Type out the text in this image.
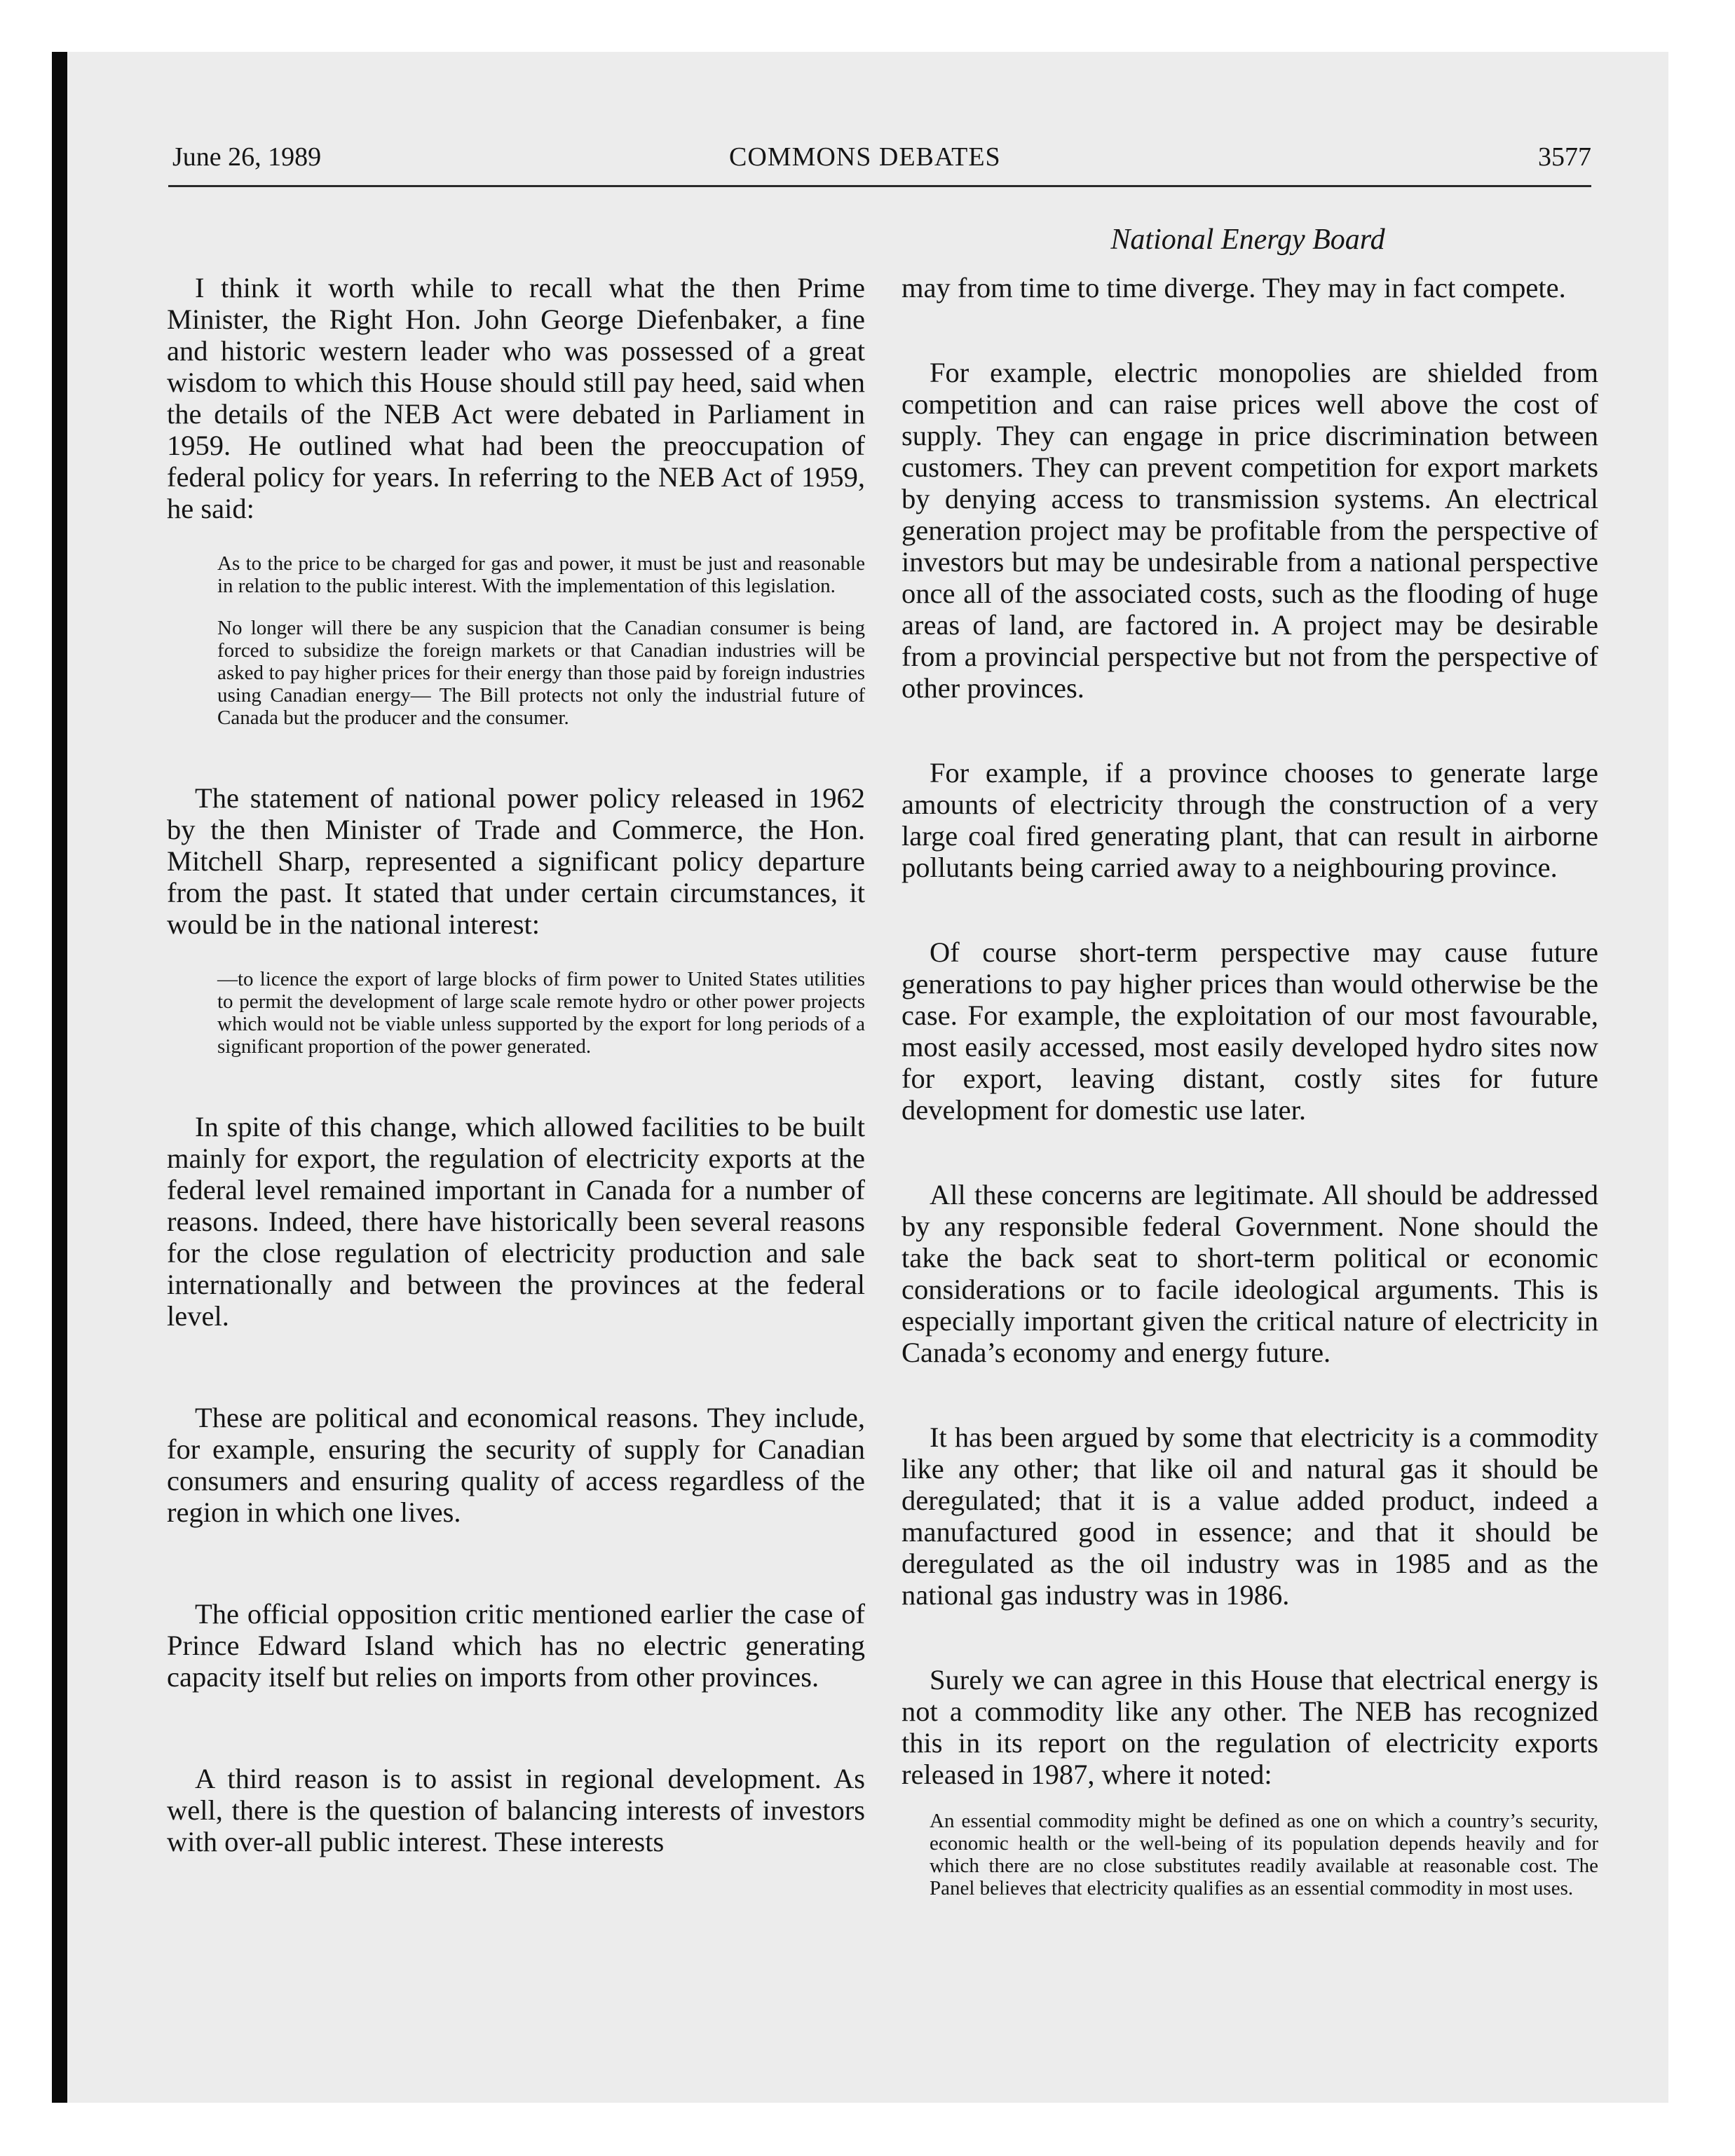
June 26, 1989	COMMONS DEBATES	3577
National Energy Board

I think it worth while to recall what the then Prime Minister, the Right Hon. John George Diefenbaker, a fine and historic western leader who was possessed of a great wisdom to which this House should still pay heed, said when the details of the NEB Act were debated in Parliament in 1959. He outlined what had been the preoccupation of federal policy for years. In referring to the NEB Act of 1959, he said:

As to the price to be charged for gas and power, it must be just and reasonable in relation to the public interest. With the implementation of this legislation.

No longer will there be any suspicion that the Canadian consumer is being forced to subsidize the foreign markets or that Canadian industries will be asked to pay higher prices for their energy than those paid by foreign industries using Canadian energy— The Bill protects not only the industrial future of Canada but the producer and the consumer.

The statement of national power policy released in 1962 by the then Minister of Trade and Commerce, the Hon. Mitchell Sharp, represented a significant policy departure from the past. It stated that under certain circumstances, it would be in the national interest:

—to licence the export of large blocks of firm power to United States utilities to permit the development of large scale remote hydro or other power projects which would not be viable unless supported by the export for long periods of a significant proportion of the power generated.

In spite of this change, which allowed facilities to be built mainly for export, the regulation of electricity exports at the federal level remained important in Canada for a number of reasons. Indeed, there have historically been several reasons for the close regulation of electricity production and sale internationally and between the provinces at the federal level.

These are political and economical reasons. They include, for example, ensuring the security of supply for Canadian consumers and ensuring quality of access regardless of the region in which one lives.

The official opposition critic mentioned earlier the case of Prince Edward Island which has no electric generating capacity itself but relies on imports from other provinces.

A third reason is to assist in regional development. As well, there is the question of balancing interests of investors with over-all public interest. These interests

may from time to time diverge. They may in fact compete.

For example, electric monopolies are shielded from competition and can raise prices well above the cost of supply. They can engage in price discrimination between customers. They can prevent competition for export markets by denying access to transmission systems. An electrical generation project may be profitable from the perspective of investors but may be undesirable from a national perspective once all of the associated costs, such as the flooding of huge areas of land, are factored in. A project may be desirable from a provincial perspective but not from the perspective of other provinces.

For example, if a province chooses to generate large amounts of electricity through the construction of a very large coal fired generating plant, that can result in airborne pollutants being carried away to a neighbouring province.

Of course short-term perspective may cause future generations to pay higher prices than would otherwise be the case. For example, the exploitation of our most favourable, most easily accessed, most easily developed hydro sites now for export, leaving distant, costly sites for future development for domestic use later.

All these concerns are legitimate. All should be addressed by any responsible federal Government. None should the take the back seat to short-term political or economic considerations or to facile ideological arguments. This is especially important given the critical nature of electricity in Canada’s economy and energy future.

It has been argued by some that electricity is a commodity like any other; that like oil and natural gas it should be deregulated; that it is a value added product, indeed a manufactured good in essence; and that it should be deregulated as the oil industry was in 1985 and as the national gas industry was in 1986.

Surely we can agree in this House that electrical energy is not a commodity like any other. The NEB has recognized this in its report on the regulation of electricity exports released in 1987, where it noted:

An essential commodity might be defined as one on which a country’s security, economic health or the well-being of its population depends heavily and for which there are no close substitutes readily available at reasonable cost. The Panel believes that electricity qualifies as an essential commodity in most uses.
